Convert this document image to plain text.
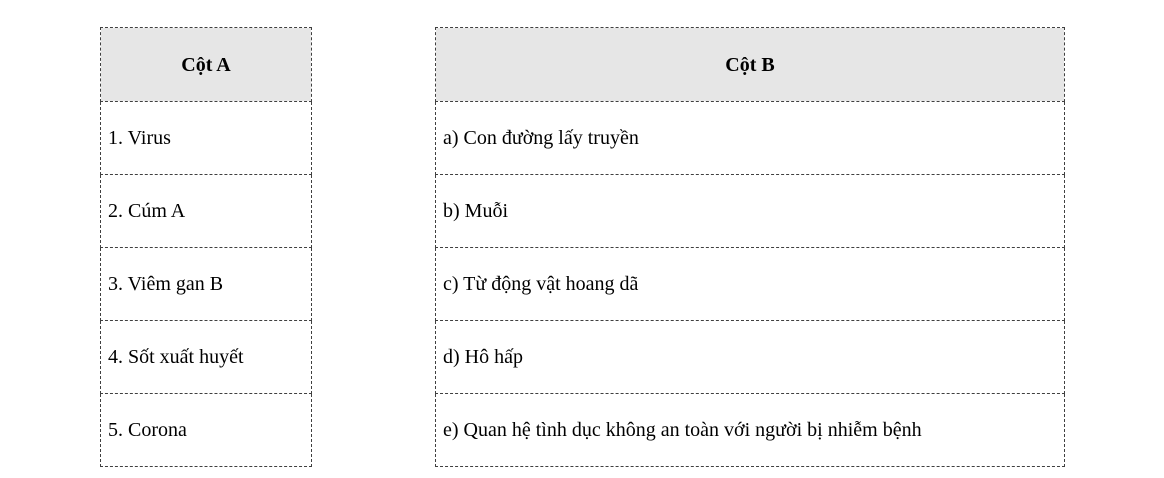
Cột A
1. Virus
2. Cúm A
3. Viêm gan B
4. Sốt xuất huyết
5. Corona
Cột B
a) Con đường lấy truyền
b) Muỗi
c) Từ động vật hoang dã
d) Hô hấp
e) Quan hệ tình dục không an toàn với người bị nhiễm bệnh
